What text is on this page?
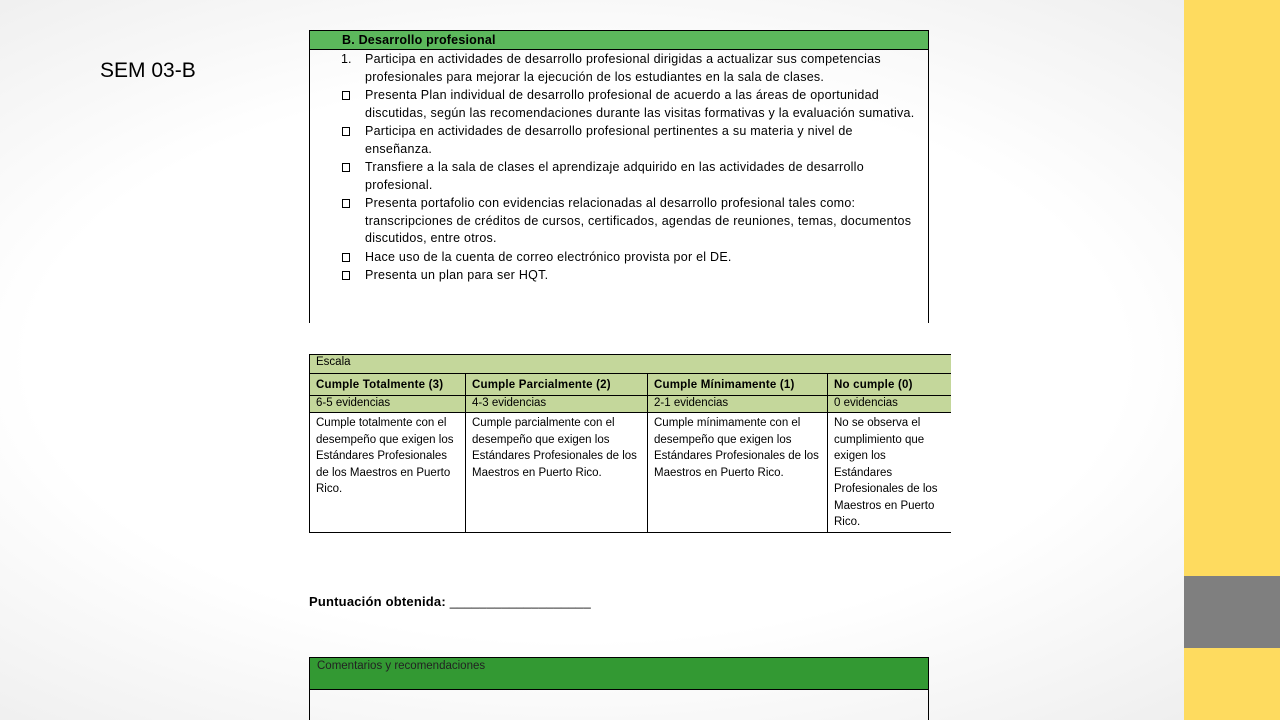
SEM 03-B
B. Desarrollo profesional
1. Participa en actividades de desarrollo profesional dirigidas a actualizar sus competencias profesionales para mejorar la ejecución de los estudiantes en la sala de clases.
Presenta Plan individual de desarrollo profesional de acuerdo a las áreas de oportunidad discutidas, según las recomendaciones durante las visitas formativas y la evaluación sumativa.
Participa en actividades de desarrollo profesional pertinentes a su materia y nivel de enseñanza.
Transfiere a la sala de clases el aprendizaje adquirido en las actividades de desarrollo profesional.
Presenta portafolio con evidencias relacionadas al desarrollo profesional tales como: transcripciones de créditos de cursos, certificados, agendas de reuniones, temas, documentos discutidos, entre otros.
Hace uso de la cuenta de correo electrónico provista por el DE.
Presenta un plan para ser HQT.
Escala			
Cumple Totalmente (3)	Cumple Parcialmente (2)	Cumple Mínimamente (1)	No cumple (0)
6-5 evidencias	4-3 evidencias	2-1 evidencias	0 evidencias
Cumple totalmente con el desempeño que exigen los Estándares Profesionales de los Maestros en Puerto Rico.	Cumple parcialmente con el desempeño que exigen los Estándares Profesionales de los Maestros en Puerto Rico.	Cumple mínimamente con el desempeño que exigen los Estándares Profesionales de los Maestros en Puerto Rico.	No se observa el cumplimiento que exigen los Estándares Profesionales de los Maestros en Puerto Rico.
Puntuación obtenida: ___________________
Comentarios y recomendaciones
